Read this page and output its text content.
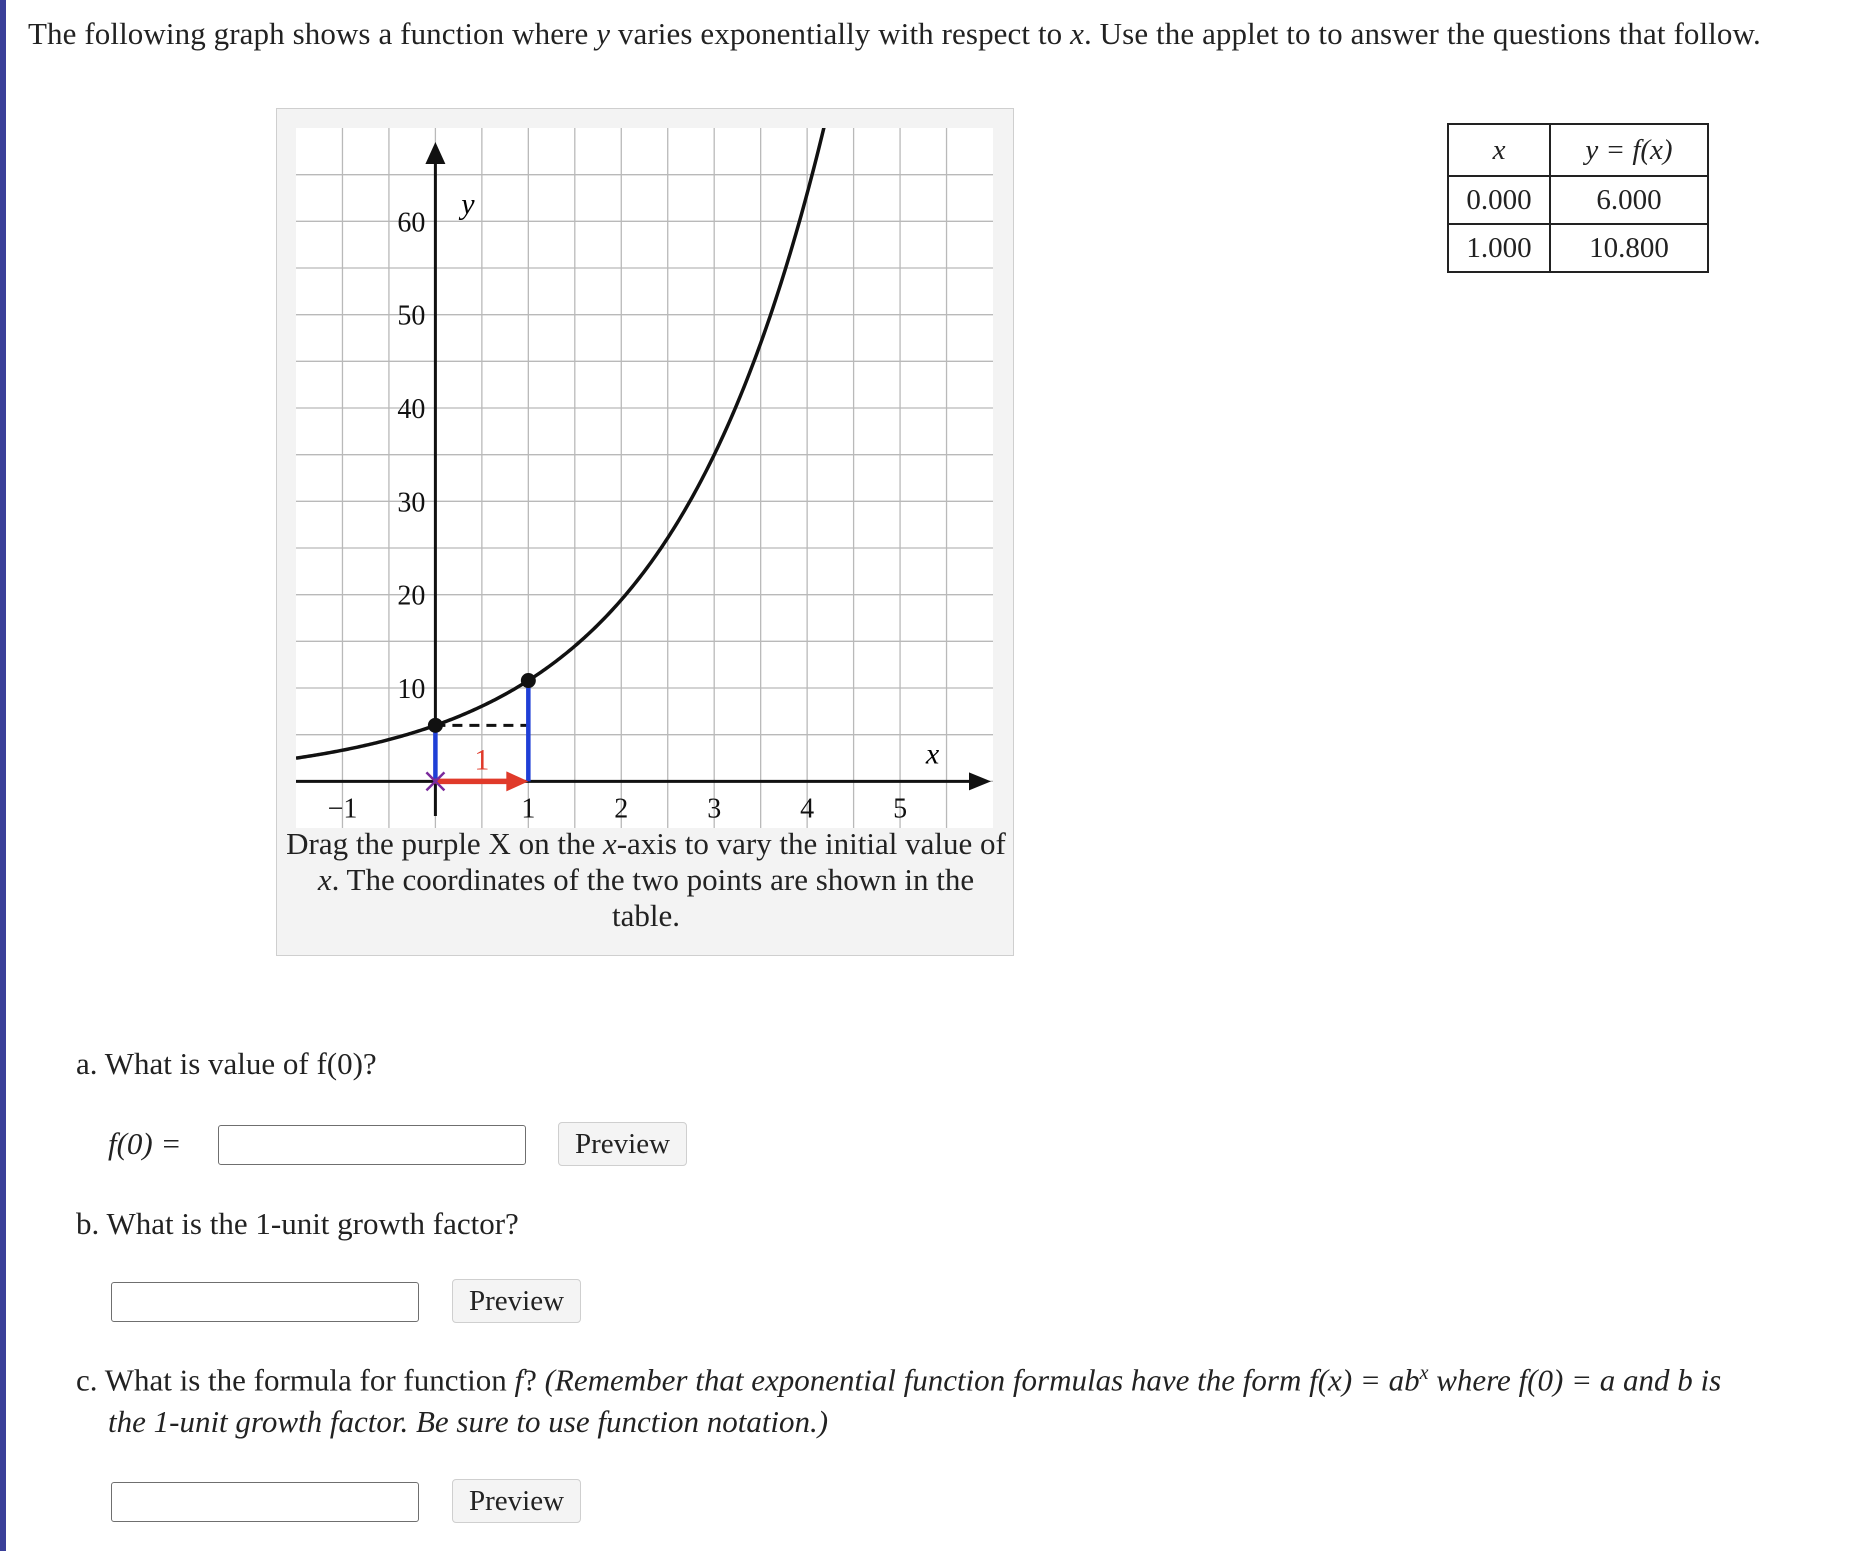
The following graph shows a function where y varies exponentially with respect to x. Use the applet to to answer the questions that follow.
1	x
y
−1	1	2	3	4	5
10
20
30
40
50
60
Drag the purple X on the x-axis to vary the initial value of x. The coordinates of the two points are shown in the table.
x	y = f(x)
0.000	6.000
1.000	10.800
a. What is value of f(0)?
f(0) =	Preview
b. What is the 1-unit growth factor?
Preview
c. What is the formula for function f? (Remember that exponential function formulas have the form $f(x) = ab^x$ where f(0) = a and b is
the 1-unit growth factor. Be sure to use function notation.)
Preview
